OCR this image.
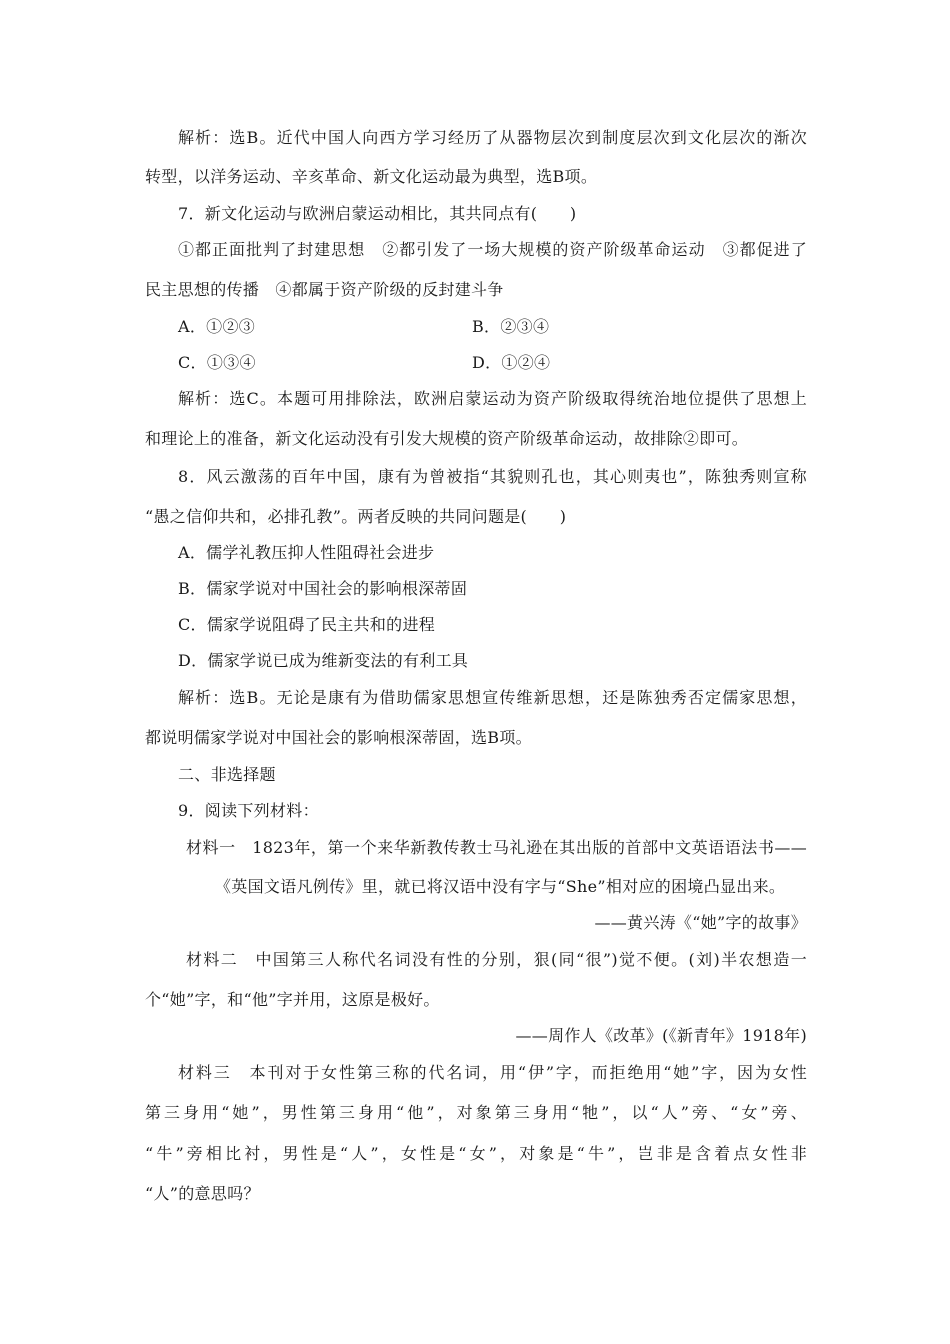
解析：选B。近代中国人向西方学习经历了从器物层次到制度层次到文化层次的渐次
转型，以洋务运动、辛亥革命、新文化运动最为典型，选B项。
7．新文化运动与欧洲启蒙运动相比，其共同点有(　　)
①都正面批判了封建思想　②都引发了一场大规模的资产阶级革命运动　③都促进了
民主思想的传播　④都属于资产阶级的反封建斗争
A．①②③	B．②③④
C．①③④	D．①②④
解析：选C。本题可用排除法，欧洲启蒙运动为资产阶级取得统治地位提供了思想上
和理论上的准备，新文化运动没有引发大规模的资产阶级革命运动，故排除②即可。
8．风云激荡的百年中国，康有为曾被指“其貌则孔也，其心则夷也”，陈独秀则宣称
“愚之信仰共和，必排孔教”。两者反映的共同问题是(　　)
A．儒学礼教压抑人性阻碍社会进步
B．儒家学说对中国社会的影响根深蒂固
C．儒家学说阻碍了民主共和的进程
D．儒家学说已成为维新变法的有利工具
解析：选B。无论是康有为借助儒家思想宣传维新思想，还是陈独秀否定儒家思想，
都说明儒家学说对中国社会的影响根深蒂固，选B项。
二、非选择题
9．阅读下列材料：
材料一　1823年，第一个来华新教传教士马礼逊在其出版的首部中文英语语法书——
《英国文语凡例传》里，就已将汉语中没有字与“She”相对应的困境凸显出来。
——黄兴涛《“她”字的故事》
材料二　中国第三人称代名词没有性的分别，狠(同“很”)觉不便。(刘)半农想造一
个“她”字，和“他”字并用，这原是极好。
——周作人《改革》(《新青年》1918年)
材料三　本刊对于女性第三称的代名词，用“伊”字，而拒绝用“她”字，因为女性
第三身用“她”，男性第三身用“他”，对象第三身用“牠”，以“人”旁、“女”旁、
“牛”旁相比衬，男性是“人”，女性是“女”，对象是“牛”，岂非是含着点女性非
“人”的意思吗？
